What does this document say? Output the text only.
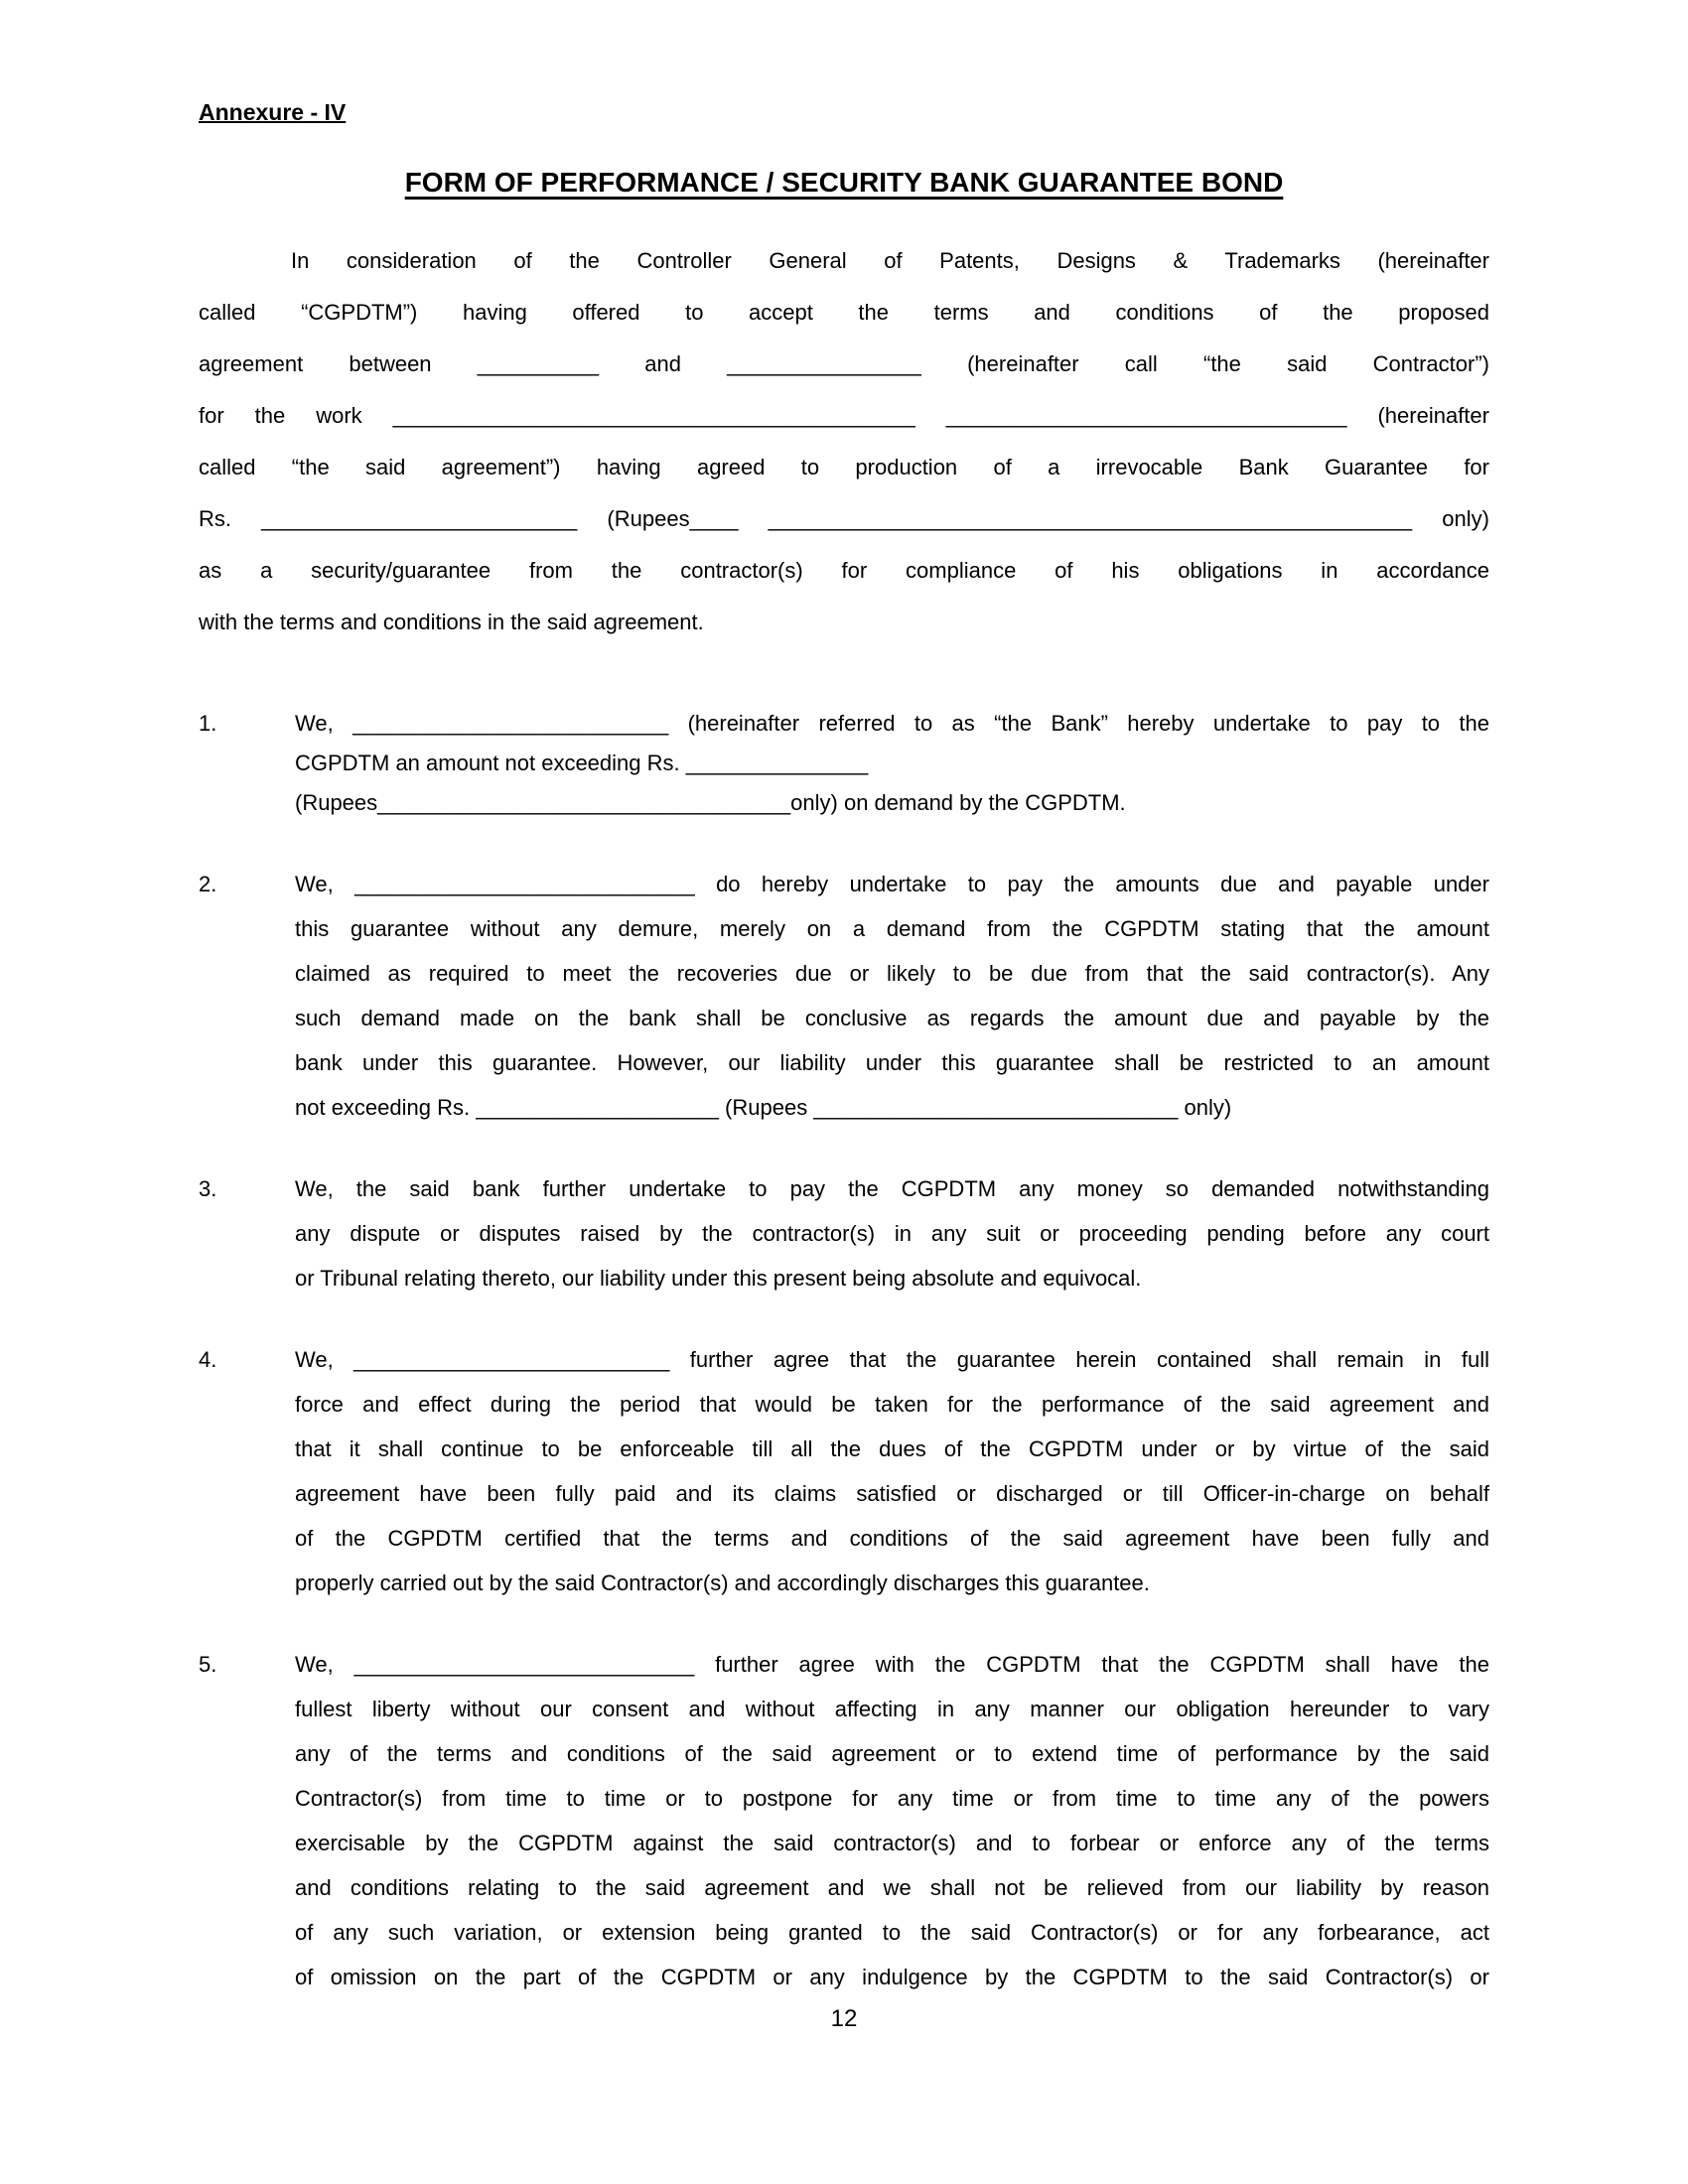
Annexure - IV
FORM OF PERFORMANCE / SECURITY BANK GUARANTEE BOND
In consideration of the Controller General of Patents, Designs & Trademarks (hereinafter
called “CGPDTM”) having offered to accept the terms and conditions of the proposed
agreement between __________ and ________________ (hereinafter call “the said Contractor”)
for the work ___________________________________________ _________________________________ (hereinafter
called “the said agreement”) having agreed to production of a irrevocable Bank Guarantee for
Rs. __________________________ (Rupees____ _____________________________________________________ only)
as a security/guarantee from the contractor(s) for compliance of his obligations in accordance
with the terms and conditions in the said agreement.
1.	We, __________________________ (hereinafter referred to as “the Bank” hereby undertake to pay to the
CGPDTM an amount not exceeding Rs. _______________
(Rupees__________________________________only) on demand by the CGPDTM.
2.	We, ____________________________ do hereby undertake to pay the amounts due and payable under
this guarantee without any demure, merely on a demand from the CGPDTM stating that the amount
claimed as required to meet the recoveries due or likely to be due from that the said contractor(s). Any
such demand made on the bank shall be conclusive as regards the amount due and payable by the
bank under this guarantee. However, our liability under this guarantee shall be restricted to an amount
not exceeding Rs. ____________________ (Rupees ______________________________ only)
3.	We, the said bank further undertake to pay the CGPDTM any money so demanded notwithstanding
any dispute or disputes raised by the contractor(s) in any suit or proceeding pending before any court
or Tribunal relating thereto, our liability under this present being absolute and equivocal.
4.	We, __________________________ further agree that the guarantee herein contained shall remain in full
force and effect during the period that would be taken for the performance of the said agreement and
that it shall continue to be enforceable till all the dues of the CGPDTM under or by virtue of the said
agreement have been fully paid and its claims satisfied or discharged or till Officer-in-charge on behalf
of the CGPDTM certified that the terms and conditions of the said agreement have been fully and
properly carried out by the said Contractor(s) and accordingly discharges this guarantee.
5.	We, ____________________________ further agree with the CGPDTM that the CGPDTM shall have the
fullest liberty without our consent and without affecting in any manner our obligation hereunder to vary
any of the terms and conditions of the said agreement or to extend time of performance by the said
Contractor(s) from time to time or to postpone for any time or from time to time any of the powers
exercisable by the CGPDTM against the said contractor(s) and to forbear or enforce any of the terms
and conditions relating to the said agreement and we shall not be relieved from our liability by reason
of any such variation, or extension being granted to the said Contractor(s) or for any forbearance, act
of omission on the part of the CGPDTM or any indulgence by the CGPDTM to the said Contractor(s) or
12
